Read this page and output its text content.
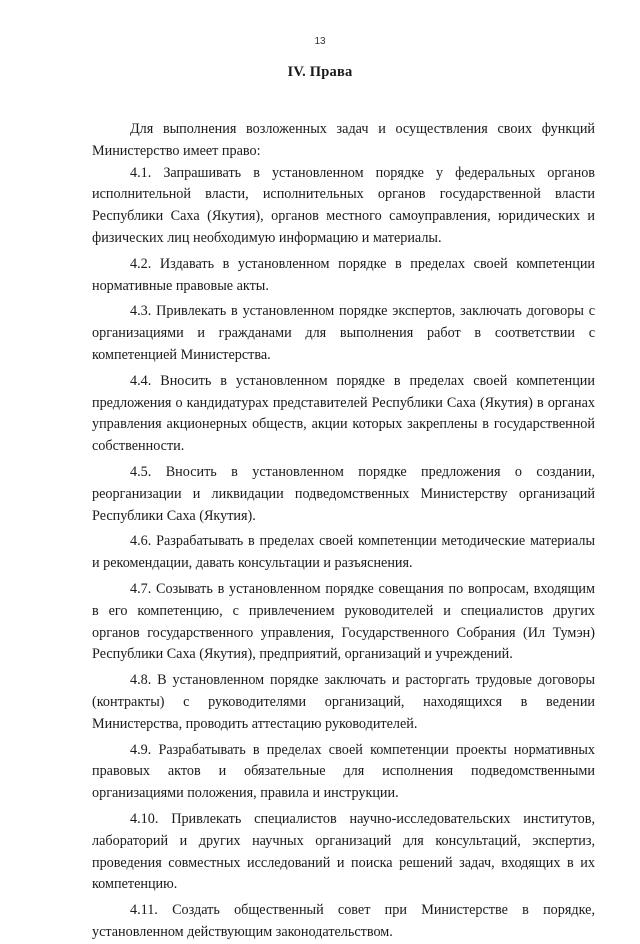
13
IV. Права

Для выполнения возложенных задач и осуществления своих функций Министерство имеет право:

4.1. Запрашивать в установленном порядке у федеральных органов исполнительной власти, исполнительных органов государственной власти Республики Саха (Якутия), органов местного самоуправления, юридических и физических лиц необходимую информацию и материалы.

4.2. Издавать в установленном порядке в пределах своей компетенции нормативные правовые акты.

4.3. Привлекать в установленном порядке экспертов, заключать договоры с организациями и гражданами для выполнения работ в соответствии с компетенцией Министерства.

4.4. Вносить в установленном порядке в пределах своей компетенции предложения о кандидатурах представителей Республики Саха (Якутия) в органах управления акционерных обществ, акции которых закреплены в государственной собственности.

4.5. Вносить в установленном порядке предложения о создании, реорганизации и ликвидации подведомственных Министерству организаций Республики Саха (Якутия).

4.6. Разрабатывать в пределах своей компетенции методические материалы и рекомендации, давать консультации и разъяснения.

4.7. Созывать в установленном порядке совещания по вопросам, входящим в его компетенцию, с привлечением руководителей и специалистов других органов государственного управления, Государственного Собрания (Ил Тумэн) Республики Саха (Якутия), предприятий, организаций и учреждений.

4.8. В установленном порядке заключать и расторгать трудовые договоры (контракты) с руководителями организаций, находящихся в ведении Министерства, проводить аттестацию руководителей.

4.9. Разрабатывать в пределах своей компетенции проекты нормативных правовых актов и обязательные для исполнения подведомственными организациями положения, правила и инструкции.

4.10. Привлекать специалистов научно-исследовательских институтов, лабораторий и других научных организаций для консультаций, экспертиз, проведения совместных исследований и поиска решений задач, входящих в их компетенцию.

4.11. Создать общественный совет при Министерстве в порядке, установленном действующим законодательством.
